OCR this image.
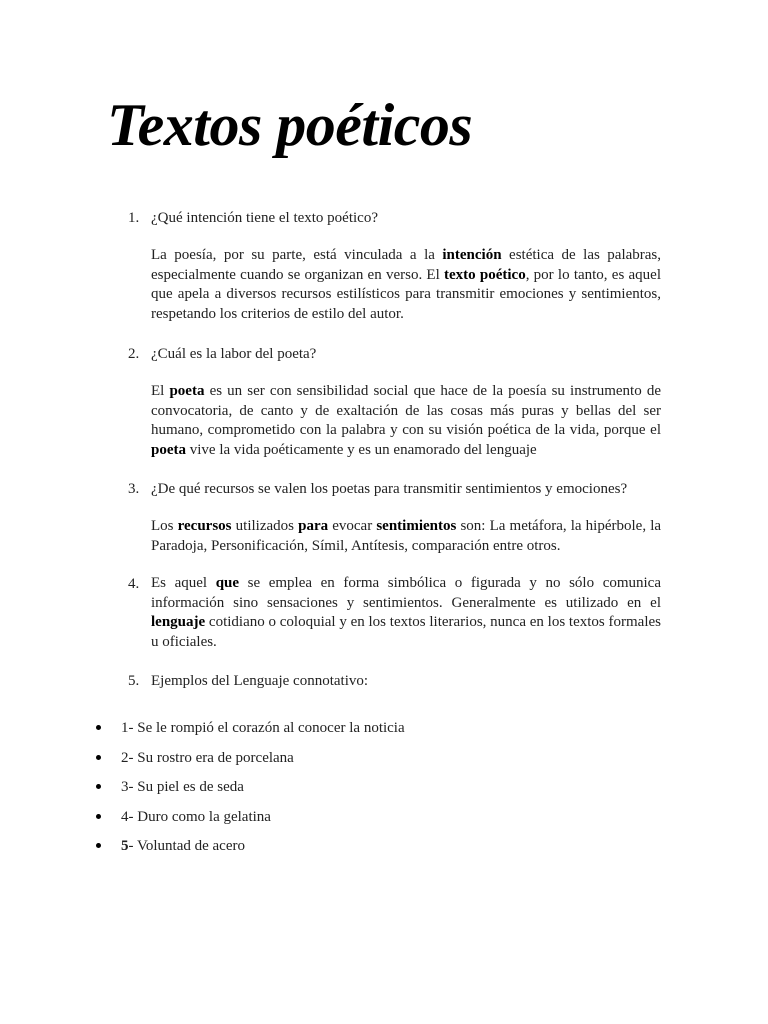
Textos poéticos
1. ¿Qué intención tiene el texto poético?
La poesía, por su parte, está vinculada a la intención estética de las palabras, especialmente cuando se organizan en verso. El texto poético, por lo tanto, es aquel que apela a diversos recursos estilísticos para transmitir emociones y sentimientos, respetando los criterios de estilo del autor.
2. ¿Cuál es la labor del poeta?
El poeta es un ser con sensibilidad social que hace de la poesía su instrumento de convocatoria, de canto y de exaltación de las cosas más puras y bellas del ser humano, comprometido con la palabra y con su visión poética de la vida, porque el poeta vive la vida poéticamente y es un enamorado del lenguaje
3. ¿De qué recursos se valen los poetas para transmitir sentimientos y emociones?
Los recursos utilizados para evocar sentimientos son: La metáfora, la hipérbole, la Paradoja, Personificación, Símil, Antítesis, comparación entre otros.
4. Es aquel que se emplea en forma simbólica o figurada y no sólo comunica información sino sensaciones y sentimientos. Generalmente es utilizado en el lenguaje cotidiano o coloquial y en los textos literarios, nunca en los textos formales u oficiales.
5. Ejemplos del Lenguaje connotativo:
1- Se le rompió el corazón al conocer la noticia
2- Su rostro era de porcelana
3- Su piel es de seda
4- Duro como la gelatina
5- Voluntad de acero
